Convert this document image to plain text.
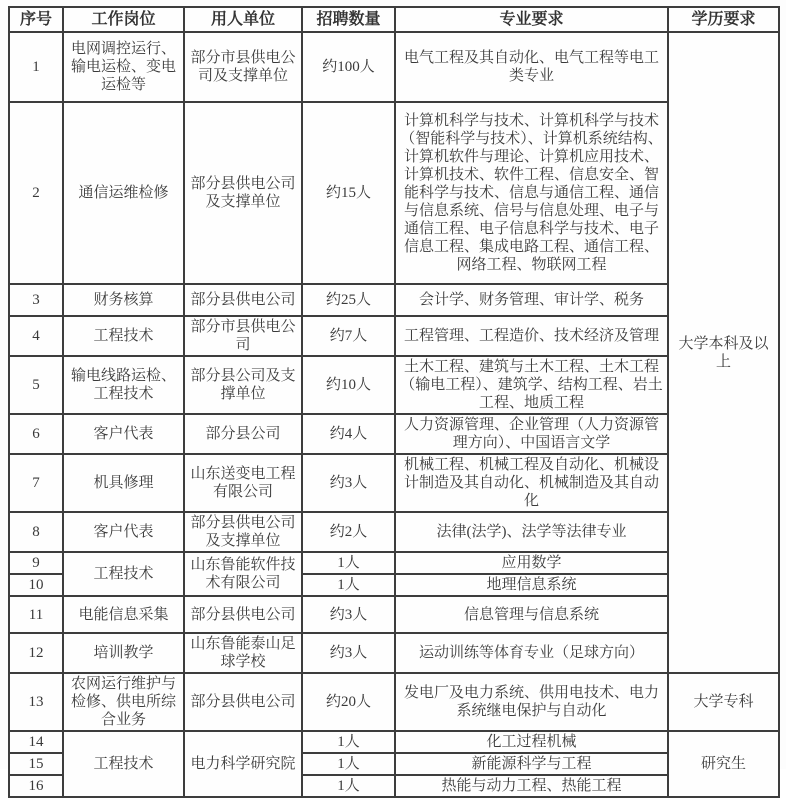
序号	工作岗位	用人单位	招聘数量	专业要求	学历要求
1	电网调控运行、输电运检、变电运检等	部分市县供电公司及支撑单位	约100人	电气工程及其自动化、电气工程等电工类专业	大学本科及以上
2	通信运维检修	部分县供电公司及支撑单位	约15人	计算机科学与技术、计算机科学与技术（智能科学与技术）、计算机系统结构、计算机软件与理论、计算机应用技术、计算机技术、软件工程、信息安全、智能科学与技术、信息与通信工程、通信与信息系统、信号与信息处理、电子与通信工程、电子信息科学与技术、电子信息工程、集成电路工程、通信工程、网络工程、物联网工程	
3	财务核算	部分县供电公司	约25人	会计学、财务管理、审计学、税务	
4	工程技术	部分市县供电公司	约7人	工程管理、工程造价、技术经济及管理	
5	输电线路运检、工程技术	部分县公司及支撑单位	约10人	土木工程、建筑与土木工程、土木工程（输电工程）、建筑学、结构工程、岩土工程、地质工程	
6	客户代表	部分县公司	约4人	人力资源管理、企业管理（人力资源管理方向）、中国语言文学	
7	机具修理	山东送变电工程有限公司	约3人	机械工程、机械工程及自动化、机械设计制造及其自动化、机械制造及其自动化	
8	客户代表	部分县供电公司及支撑单位	约2人	法律(法学)、法学等法律专业	
9	工程技术	山东鲁能软件技术有限公司	1人	应用数学	
10			1人	地理信息系统	
11	电能信息采集	部分县供电公司	约3人	信息管理与信息系统	
12	培训教学	山东鲁能泰山足球学校	约3人	运动训练等体育专业（足球方向）	
13	农网运行维护与检修、供电所综合业务	部分县供电公司	约20人	发电厂及电力系统、供用电技术、电力系统继电保护与自动化	大学专科
14	工程技术	电力科学研究院	1人	化工过程机械	研究生
15			1人	新能源科学与工程	
16			1人	热能与动力工程、热能工程	
